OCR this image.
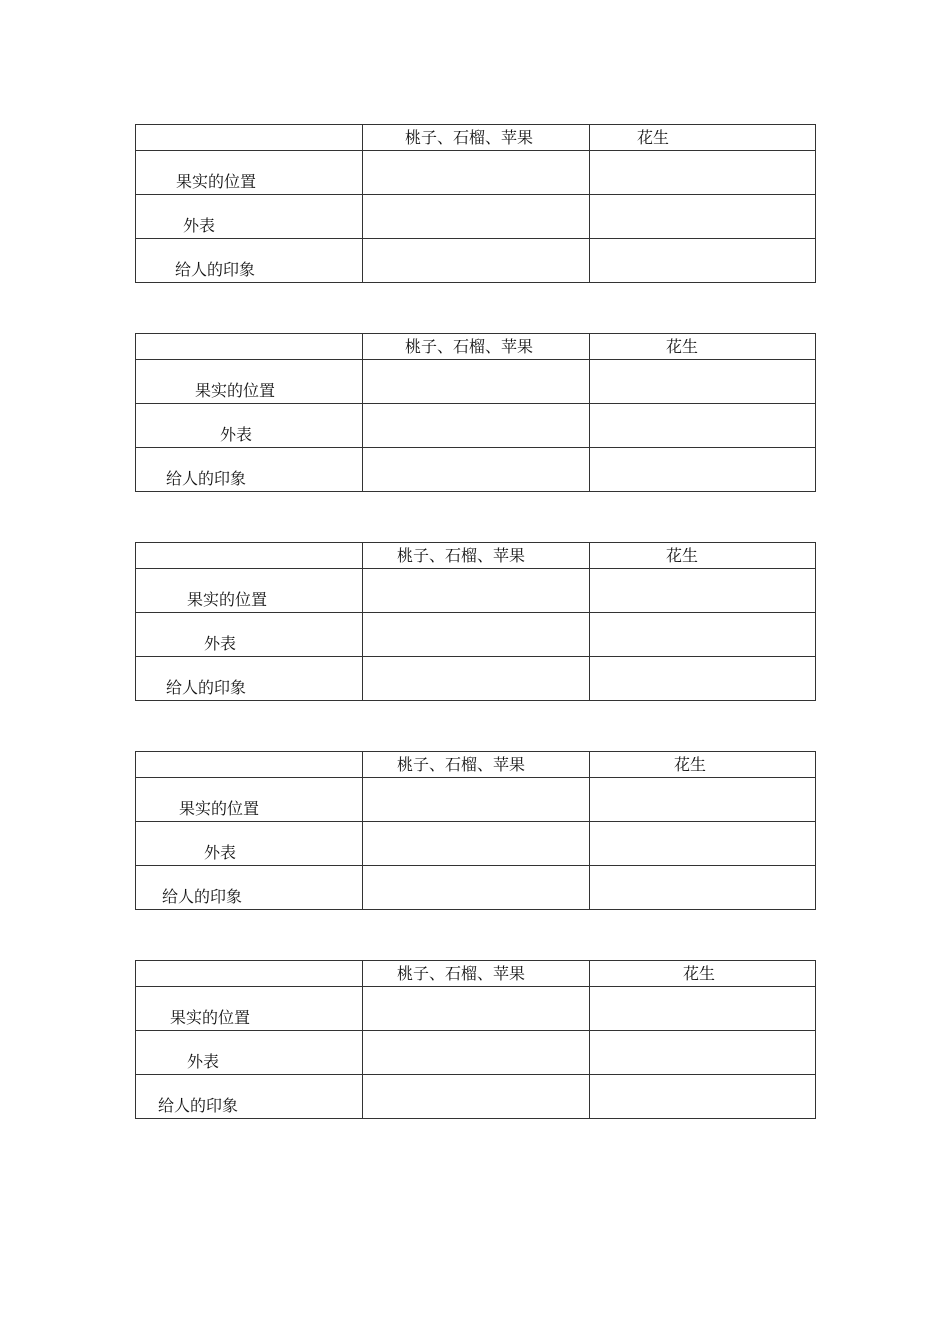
	桃子、石榴、苹果	花生
果实的位置		
外表		
给人的印象		
	桃子、石榴、苹果	花生
果实的位置		
外表		
给人的印象		
	桃子、石榴、苹果	花生
果实的位置		
外表		
给人的印象		
	桃子、石榴、苹果	花生
果实的位置		
外表		
给人的印象		
	桃子、石榴、苹果	花生
果实的位置		
外表		
给人的印象		
